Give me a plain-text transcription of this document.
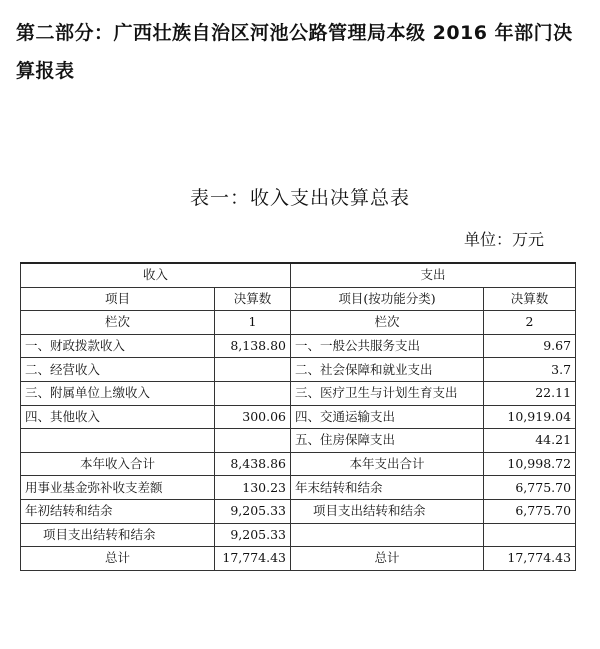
第二部分：广西壮族自治区河池公路管理局本级 2016 年部门决算报表
表一：收入支出决算总表
单位：万元
收入		支出	
项目	决算数	项目(按功能分类)	决算数
栏次	1	栏次	2
一、财政拨款收入	8,138.80	一、一般公共服务支出	9.67
二、经营收入		二、社会保障和就业支出	3.7
三、附属单位上缴收入		三、医疗卫生与计划生育支出	22.11
四、其他收入	300.06	四、交通运输支出	10,919.04
		五、住房保障支出	44.21
本年收入合计	8,438.86	本年支出合计	10,998.72
用事业基金弥补收支差额	130.23	年末结转和结余	6,775.70
年初结转和结余	9,205.33	项目支出结转和结余	6,775.70
项目支出结转和结余	9,205.33		
总计	17,774.43	总计	17,774.43
